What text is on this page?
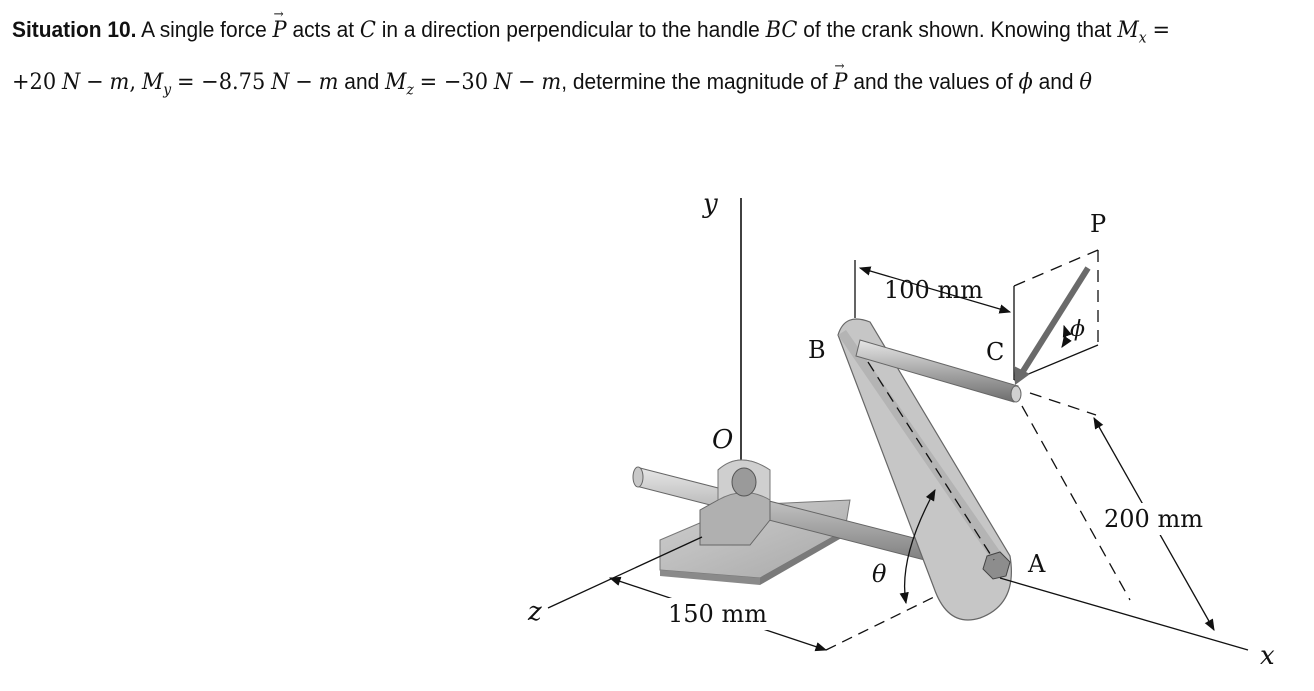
Situation 10. A single force → P acts at C in a direction perpendicular to the handle BC of the crank shown. Knowing that $M_x$ =
+20 N − m, $M_y = -8.75$ N − m and $M_z = -30$ N − m, determine the magnitude of → P and the values of ϕ and θ
y
O
A
B	C
P
ϕ
100 mm
200 mm
x
z	150 mm
θ
